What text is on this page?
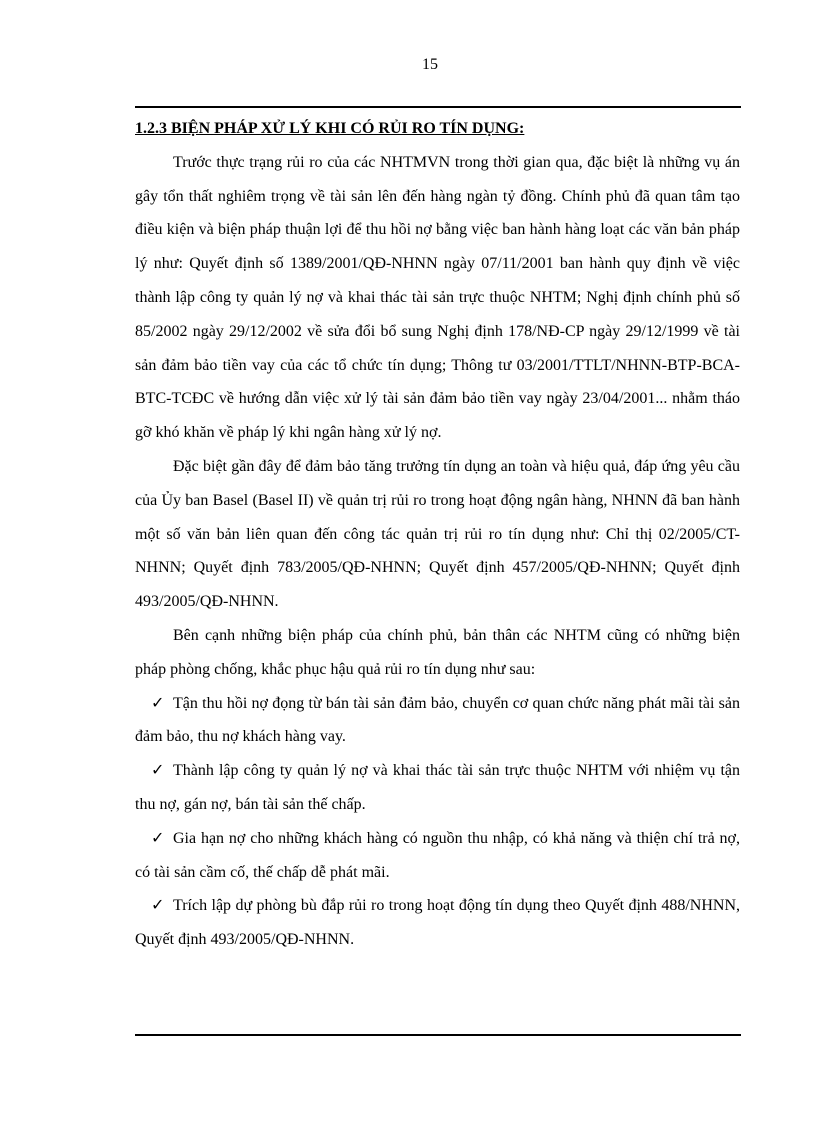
15

1.2.3 BIỆN PHÁP XỬ LÝ KHI CÓ RỦI RO TÍN DỤNG:

Trước thực trạng rủi ro của các NHTMVN trong thời gian qua, đặc biệt là những vụ án gây tổn thất nghiêm trọng về tài sản lên đến hàng ngàn tỷ đồng. Chính phủ đã quan tâm tạo điều kiện và biện pháp thuận lợi để thu hồi nợ bằng việc ban hành hàng loạt các văn bản pháp lý như: Quyết định số 1389/2001/QĐ-NHNN ngày 07/11/2001 ban hành quy định về việc thành lập công ty quản lý nợ và khai thác tài sản trực thuộc NHTM; Nghị định chính phủ số 85/2002 ngày 29/12/2002 về sửa đổi bổ sung Nghị định 178/NĐ-CP ngày 29/12/1999 về tài sản đảm bảo tiền vay của các tổ chức tín dụng; Thông tư 03/2001/TTLT/NHNN-BTP-BCA-BTC-TCĐC về hướng dẫn việc xử lý tài sản đảm bảo tiền vay ngày 23/04/2001... nhằm tháo gỡ khó khăn về pháp lý khi ngân hàng xử lý nợ.

Đặc biệt gần đây để đảm bảo tăng trưởng tín dụng an toàn và hiệu quả, đáp ứng yêu cầu của Ủy ban Basel (Basel II) về quản trị rủi ro trong hoạt động ngân hàng, NHNN đã ban hành một số văn bản liên quan đến công tác quản trị rủi ro tín dụng như: Chỉ thị 02/2005/CT-NHNN; Quyết định 783/2005/QĐ-NHNN; Quyết định 457/2005/QĐ-NHNN; Quyết định 493/2005/QĐ-NHNN.

Bên cạnh những biện pháp của chính phủ, bản thân các NHTM cũng có những biện pháp phòng chống, khắc phục hậu quả rủi ro tín dụng như sau:

✓ Tận thu hồi nợ đọng từ bán tài sản đảm bảo, chuyển cơ quan chức năng phát mãi tài sản đảm bảo, thu nợ khách hàng vay.

✓ Thành lập công ty quản lý nợ và khai thác tài sản trực thuộc NHTM với nhiệm vụ tận thu nợ, gán nợ, bán tài sản thế chấp.

✓ Gia hạn nợ cho những khách hàng có nguồn thu nhập, có khả năng và thiện chí trả nợ, có tài sản cầm cố, thế chấp dễ phát mãi.

✓ Trích lập dự phòng bù đắp rủi ro trong hoạt động tín dụng theo Quyết định 488/NHNN, Quyết định 493/2005/QĐ-NHNN.
